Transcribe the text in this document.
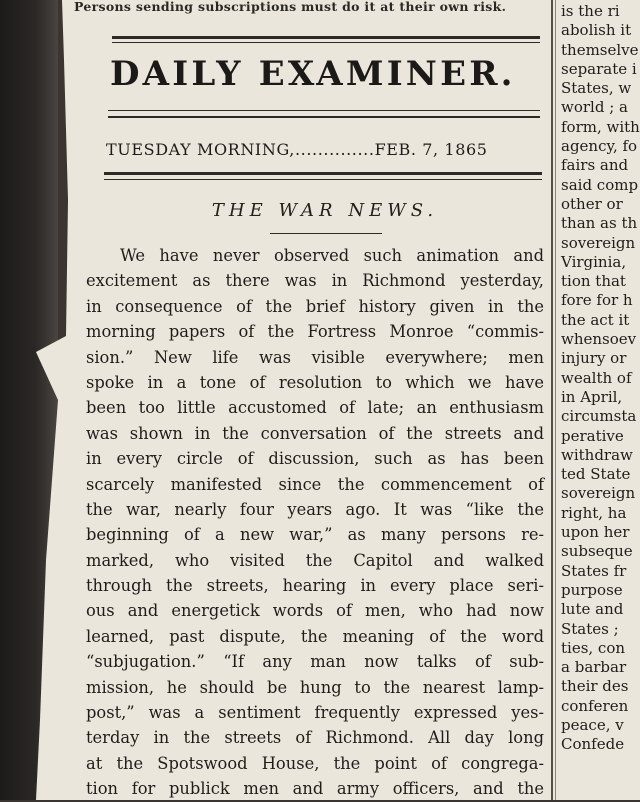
Persons sending subscriptions must do it at their own risk.
DAILY EXAMINER.
TUESDAY MORNING,..............FEB. 7, 1865
THE WAR NEWS.
We have never observed such animation and
excitement as there was in Richmond yesterday,
in consequence of the brief history given in the
morning papers of the Fortress Monroe “commis-
sion.” New life was visible everywhere; men
spoke in a tone of resolution to which we have
been too little accustomed of late; an enthusiasm
was shown in the conversation of the streets and
in every circle of discussion, such as has been
scarcely manifested since the commencement of
the war, nearly four years ago. It was “like the
beginning of a new war,” as many persons re-
marked, who visited the Capitol and walked
through the streets, hearing in every place seri-
ous and energetick words of men, who had now
learned, past dispute, the meaning of the word
“subjugation.” “If any man now talks of sub-
mission, he should be hung to the nearest lamp-
post,” was a sentiment frequently expressed yes-
terday in the streets of Richmond. All day long
at the Spotswood House, the point of congrega-
tion for publick men and army officers, and the
is the ri
abolish it
themselve
separate i
States, w
world ; a
form, with
agency, fo
fairs and
said comp
other or
than as th
sovereign
Virginia,
tion that
fore for h
the act it
whensoev
injury or
wealth of
in April,
circumsta
perative
withdraw
ted State
sovereign
right, ha
upon her
subseque
States fr
purpose
lute and
States ;
ties, con
a barbar
their des
conferen
peace, v
Confede
